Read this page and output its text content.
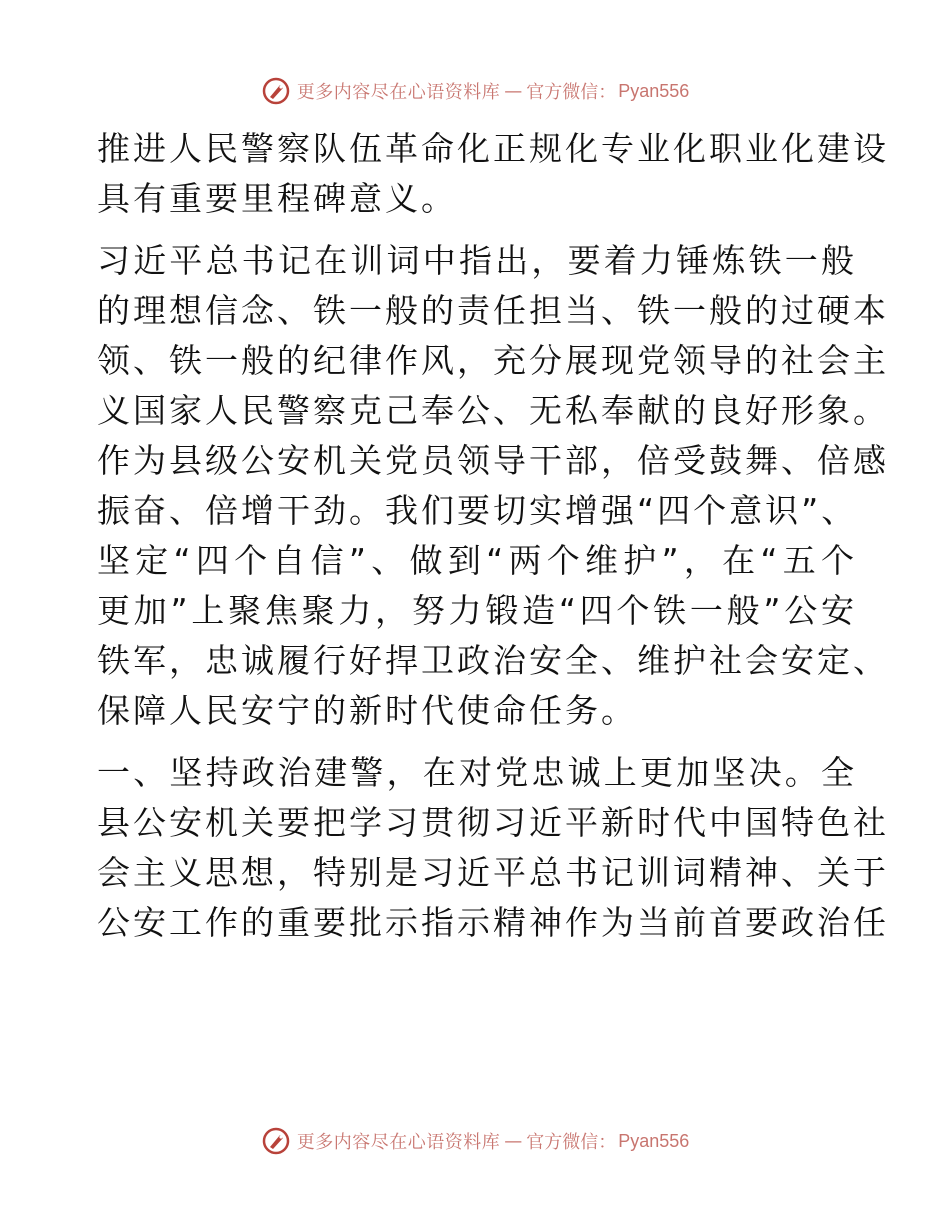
更多内容尽在心语资料库 — 官方微信： Pyan556

推进人民警察队伍革命化正规化专业化职业化建设
具有重要里程碑意义。

习近平总书记在训词中指出，要着力锤炼铁一般
的理想信念、铁一般的责任担当、铁一般的过硬本
领、铁一般的纪律作风，充分展现党领导的社会主
义国家人民警察克己奉公、无私奉献的良好形象。
作为县级公安机关党员领导干部，倍受鼓舞、倍感
振奋、倍增干劲。我们要切实增强“四个意识”、
坚定“四个自信”、做到“两个维护”，在“五个
更加”上聚焦聚力，努力锻造“四个铁一般”公安
铁军，忠诚履行好捍卫政治安全、维护社会安定、
保障人民安宁的新时代使命任务。

一、坚持政治建警，在对党忠诚上更加坚决。全
县公安机关要把学习贯彻习近平新时代中国特色社
会主义思想，特别是习近平总书记训词精神、关于
公安工作的重要批示指示精神作为当前首要政治任

更多内容尽在心语资料库 — 官方微信： Pyan556
